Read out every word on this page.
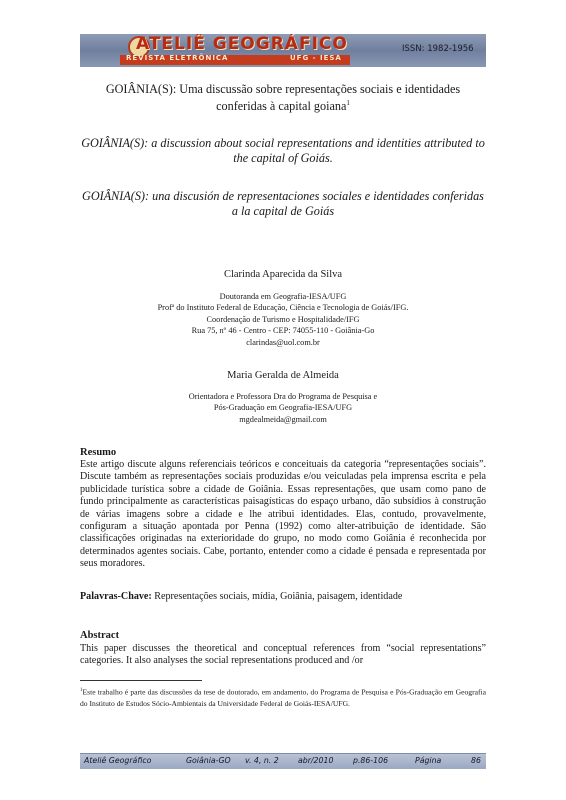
ATELIÊ GEOGRÁFICO
REVISTA ELETRÔNICA	UFG - IESA
ISSN: 1982-1956
GOIÂNIA(S): Uma discussão sobre representações sociais e identidades conferidas à capital goiana$^1$
GOIÂNIA(S): a discussion about social representations and identities attributed to the capital of Goiás.
GOIÂNIA(S): una discusión de representaciones sociales e identidades conferidas a la capital de Goiás
Clarinda Aparecida da Silva
Doutoranda em Geografia-IESA/UFG
Profª do Instituto Federal de Educação, Ciência e Tecnologia de Goiás/IFG.
Coordenação de Turismo e Hospitalidade/IFG
Rua 75, nº 46 - Centro - CEP: 74055-110 - Goiânia-Go
clarindas@uol.com.br
Maria Geralda de Almeida
Orientadora e Professora Dra do Programa de Pesquisa e
Pós-Graduação em Geografia-IESA/UFG
mgdealmeida@gmail.com
Resumo
Este artigo discute alguns referenciais teóricos e conceituais da categoria “representações sociais”. Discute também as representações sociais produzidas e/ou veiculadas pela imprensa escrita e pela publicidade turística sobre a cidade de Goiânia. Essas representações, que usam como pano de fundo principalmente as características paisagísticas do espaço urbano, dão subsídios à construção de várias imagens sobre a cidade e lhe atribui identidades. Elas, contudo, provavelmente, configuram a situação apontada por Penna (1992) como alter-atribuição de identidade. São classificações originadas na exterioridade do grupo, no modo como Goiânia é reconhecida por determinados agentes sociais. Cabe, portanto, entender como a cidade é pensada e representada por seus moradores.
Palavras-Chave: Representações sociais, mídia, Goiânia, paisagem, identidade
Abstract
This paper discusses the theoretical and conceptual references from “social representations” categories. It also analyses the social representations produced and /or
$^1$Este trabalho é parte das discussões da tese de doutorado, em andamento, do Programa de Pesquisa e Pós-Graduação em Geografia do Instituto de Estudos Sócio-Ambientais da Universidade Federal de Goiás-IESA/UFG.
Ateliê Geográfico	Goiânia-GO v. 4, n. 2 abr/2010	p.86-106	Página	86
